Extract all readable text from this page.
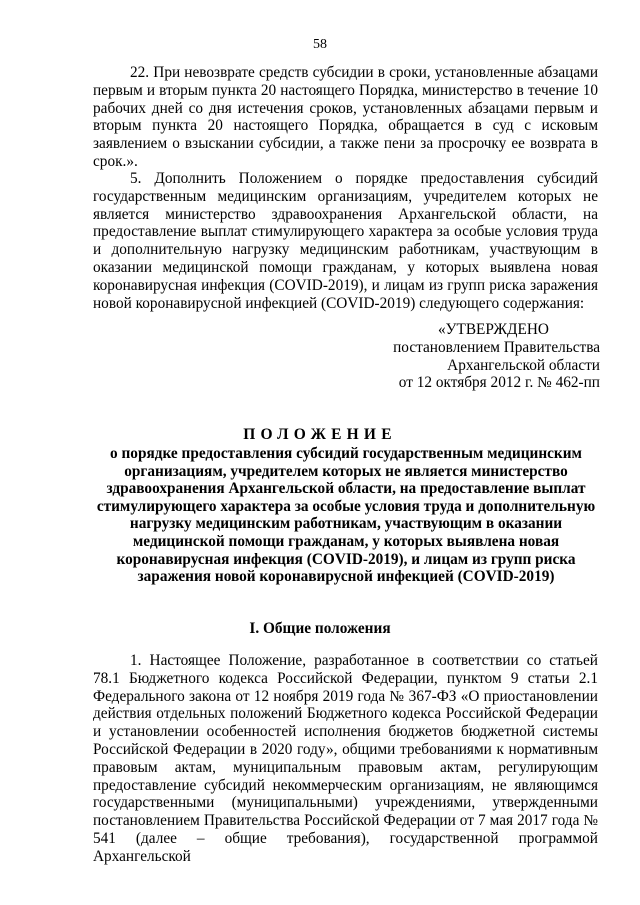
58

22. При невозврате средств субсидии в сроки, установленные абзацами первым и вторым пункта 20 настоящего Порядка, министерство в течение 10 рабочих дней со дня истечения сроков, установленных абзацами первым и вторым пункта 20 настоящего Порядка, обращается в суд с исковым заявлением о взыскании субсидии, а также пени за просрочку ее возврата в срок.».

5. Дополнить Положением о порядке предоставления субсидий государственным медицинским организациям, учредителем которых не является министерство здравоохранения Архангельской области, на предоставление выплат стимулирующего характера за особые условия труда и дополнительную нагрузку медицинским работникам, участвующим в оказании медицинской помощи гражданам, у которых выявлена новая коронавирусная инфекция (COVID-2019), и лицам из групп риска заражения новой коронавирусной инфекцией (COVID-2019) следующего содержания:

«УТВЕРЖДЕНО
постановлением Правительства
Архангельской области
от 12 октября 2012 г. № 462-пп
ПОЛОЖЕНИЕ
о порядке предоставления субсидий государственным медицинским
организациям, учредителем которых не является министерство
здравоохранения Архангельской области, на предоставление выплат
стимулирующего характера за особые условия труда и дополнительную
нагрузку медицинским работникам, участвующим в оказании
медицинской помощи гражданам, у которых выявлена новая
коронавирусная инфекция (COVID-2019), и лицам из групп риска
заражения новой коронавирусной инфекцией (COVID-2019)
I. Общие положения

1. Настоящее Положение, разработанное в соответствии со статьей 78.1 Бюджетного кодекса Российской Федерации, пунктом 9 статьи 2.1 Федерального закона от 12 ноября 2019 года № 367-ФЗ «О приостановлении действия отдельных положений Бюджетного кодекса Российской Федерации и установлении особенностей исполнения бюджетов бюджетной системы Российской Федерации в 2020 году», общими требованиями к нормативным правовым актам, муниципальным правовым актам, регулирующим предоставление субсидий некоммерческим организациям, не являющимся государственными (муниципальными) учреждениями, утвержденными постановлением Правительства Российской Федерации от 7 мая 2017 года № 541 (далее – общие требования), государственной программой Архангельской
